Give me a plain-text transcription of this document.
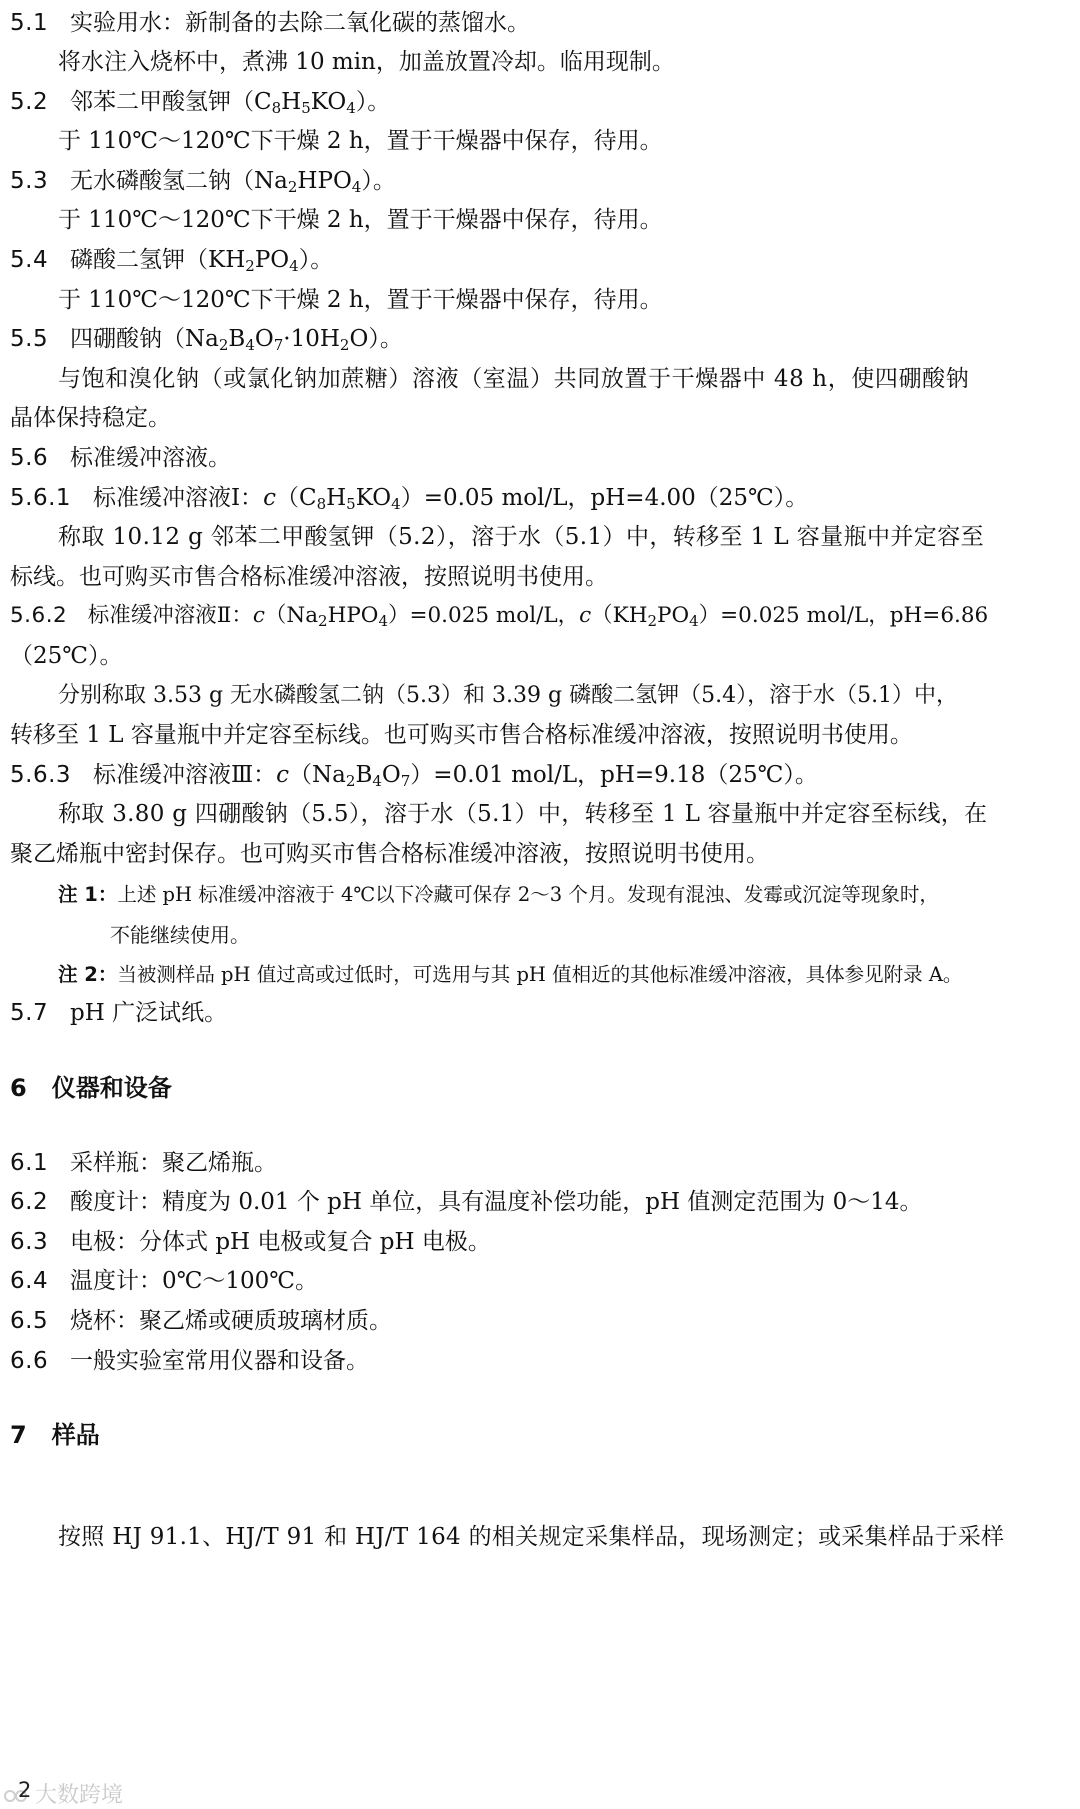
5.1 实验用水：新制备的去除二氧化碳的蒸馏水。
将水注入烧杯中，煮沸 10 min，加盖放置冷却。临用现制。
5.2 邻苯二甲酸氢钾$(C_8H_5KO_4)$。
于 110℃～120℃下干燥 2 h，置于干燥器中保存，待用。
5.3 无水磷酸氢二钠$(Na_2HPO_4)$。
于 110℃～120℃下干燥 2 h，置于干燥器中保存，待用。
5.4 磷酸二氢钾$(KH_2PO_4)$。
于 110℃～120℃下干燥 2 h，置于干燥器中保存，待用。
5.5 四硼酸钠$(Na_2B_4O_7\cdot 10H_2O)$。
与饱和溴化钠（或氯化钠加蔗糖）溶液（室温）共同放置于干燥器中 48 h，使四硼酸钠
晶体保持稳定。
5.6 标准缓冲溶液。
5.6.1 标准缓冲溶液Ⅰ：$c(C_8H_5KO_4)=0.05$ mol/L，pH=4.00（25℃）。
称取 10.12 g 邻苯二甲酸氢钾（5.2），溶于水（5.1）中，转移至 1 L 容量瓶中并定容至
标线。也可购买市售合格标准缓冲溶液，按照说明书使用。
5.6.2 标准缓冲溶液Ⅱ：$c(Na_2HPO_4)=0.025$ mol/L，$c(KH_2PO_4)=0.025$ mol/L，pH=6.86
（25℃）。
分别称取 3.53 g 无水磷酸氢二钠（5.3）和 3.39 g 磷酸二氢钾（5.4），溶于水（5.1）中，
转移至 1 L 容量瓶中并定容至标线。也可购买市售合格标准缓冲溶液，按照说明书使用。
5.6.3 标准缓冲溶液Ⅲ：$c(Na_2B_4O_7)=0.01$ mol/L，pH=9.18（25℃）。
称取 3.80 g 四硼酸钠（5.5），溶于水（5.1）中，转移至 1 L 容量瓶中并定容至标线，在
聚乙烯瓶中密封保存。也可购买市售合格标准缓冲溶液，按照说明书使用。
注 1：上述 pH 标准缓冲溶液于 4℃以下冷藏可保存 2～3 个月。发现有混浊、发霉或沉淀等现象时，
不能继续使用。
注 2：当被测样品 pH 值过高或过低时，可选用与其 pH 值相近的其他标准缓冲溶液，具体参见附录 A。
5.7 pH 广泛试纸。
6 仪器和设备
6.1 采样瓶：聚乙烯瓶。
6.2 酸度计：精度为 0.01 个 pH 单位，具有温度补偿功能，pH 值测定范围为 0～14。
6.3 电极：分体式 pH 电极或复合 pH 电极。
6.4 温度计：0℃～100℃。
6.5 烧杯：聚乙烯或硬质玻璃材质。
6.6 一般实验室常用仪器和设备。
7 样品
按照 HJ 91.1、HJ/T 91 和 HJ/T 164 的相关规定采集样品，现场测定；或采集样品于采样
大数跨境
2
